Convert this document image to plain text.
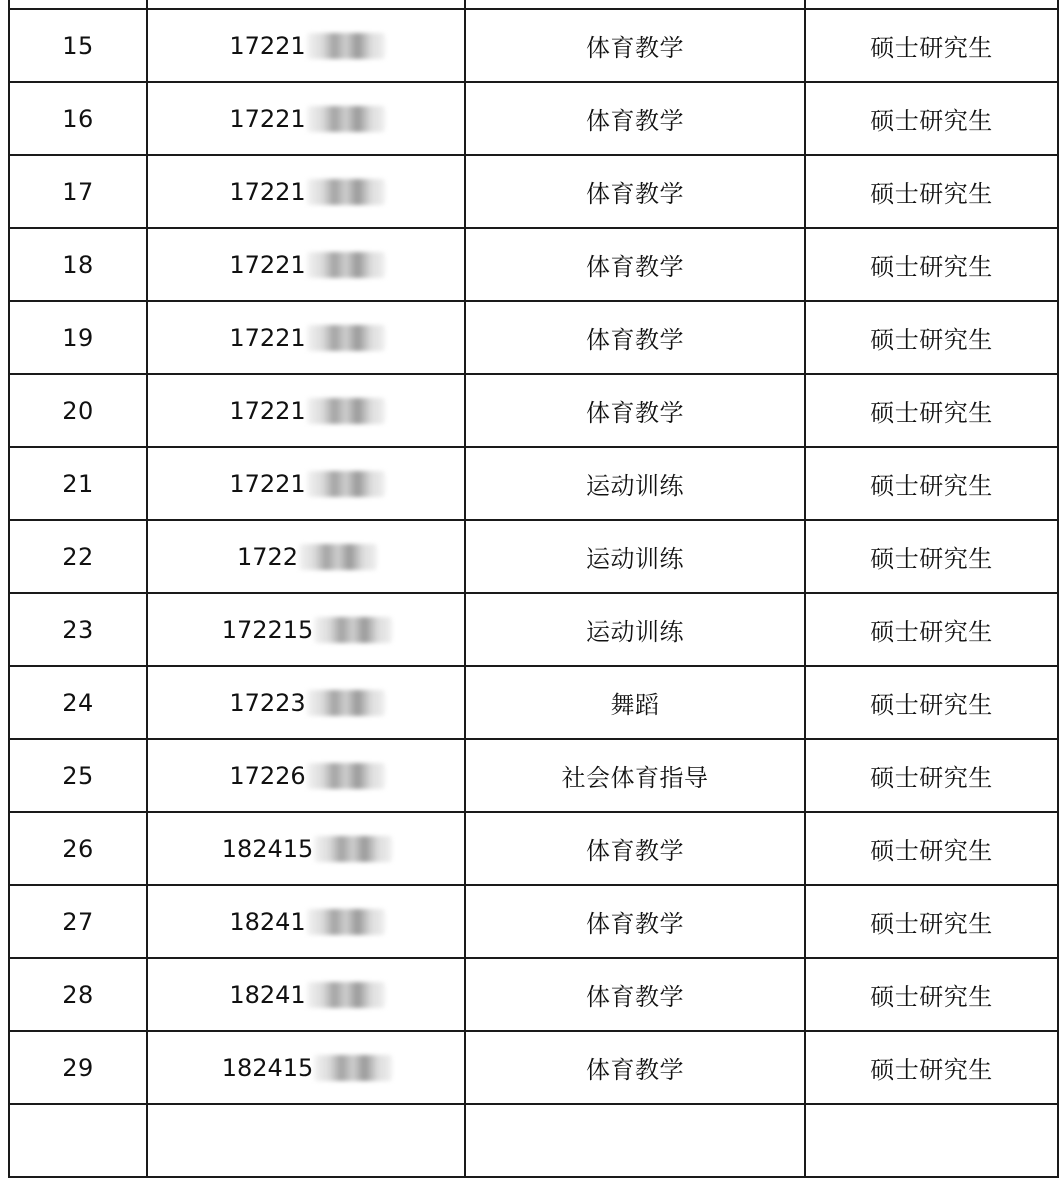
15	17221	体育教学	硕士研究生
16	17221	体育教学	硕士研究生
17	17221	体育教学	硕士研究生
18	17221	体育教学	硕士研究生
19	17221	体育教学	硕士研究生
20	17221	体育教学	硕士研究生
21	17221	运动训练	硕士研究生
22	1722	运动训练	硕士研究生
23	172215	运动训练	硕士研究生
24	17223	舞蹈	硕士研究生
25	17226	社会体育指导	硕士研究生
26	182415	体育教学	硕士研究生
27	18241	体育教学	硕士研究生
28	18241	体育教学	硕士研究生
29	182415	体育教学	硕士研究生
